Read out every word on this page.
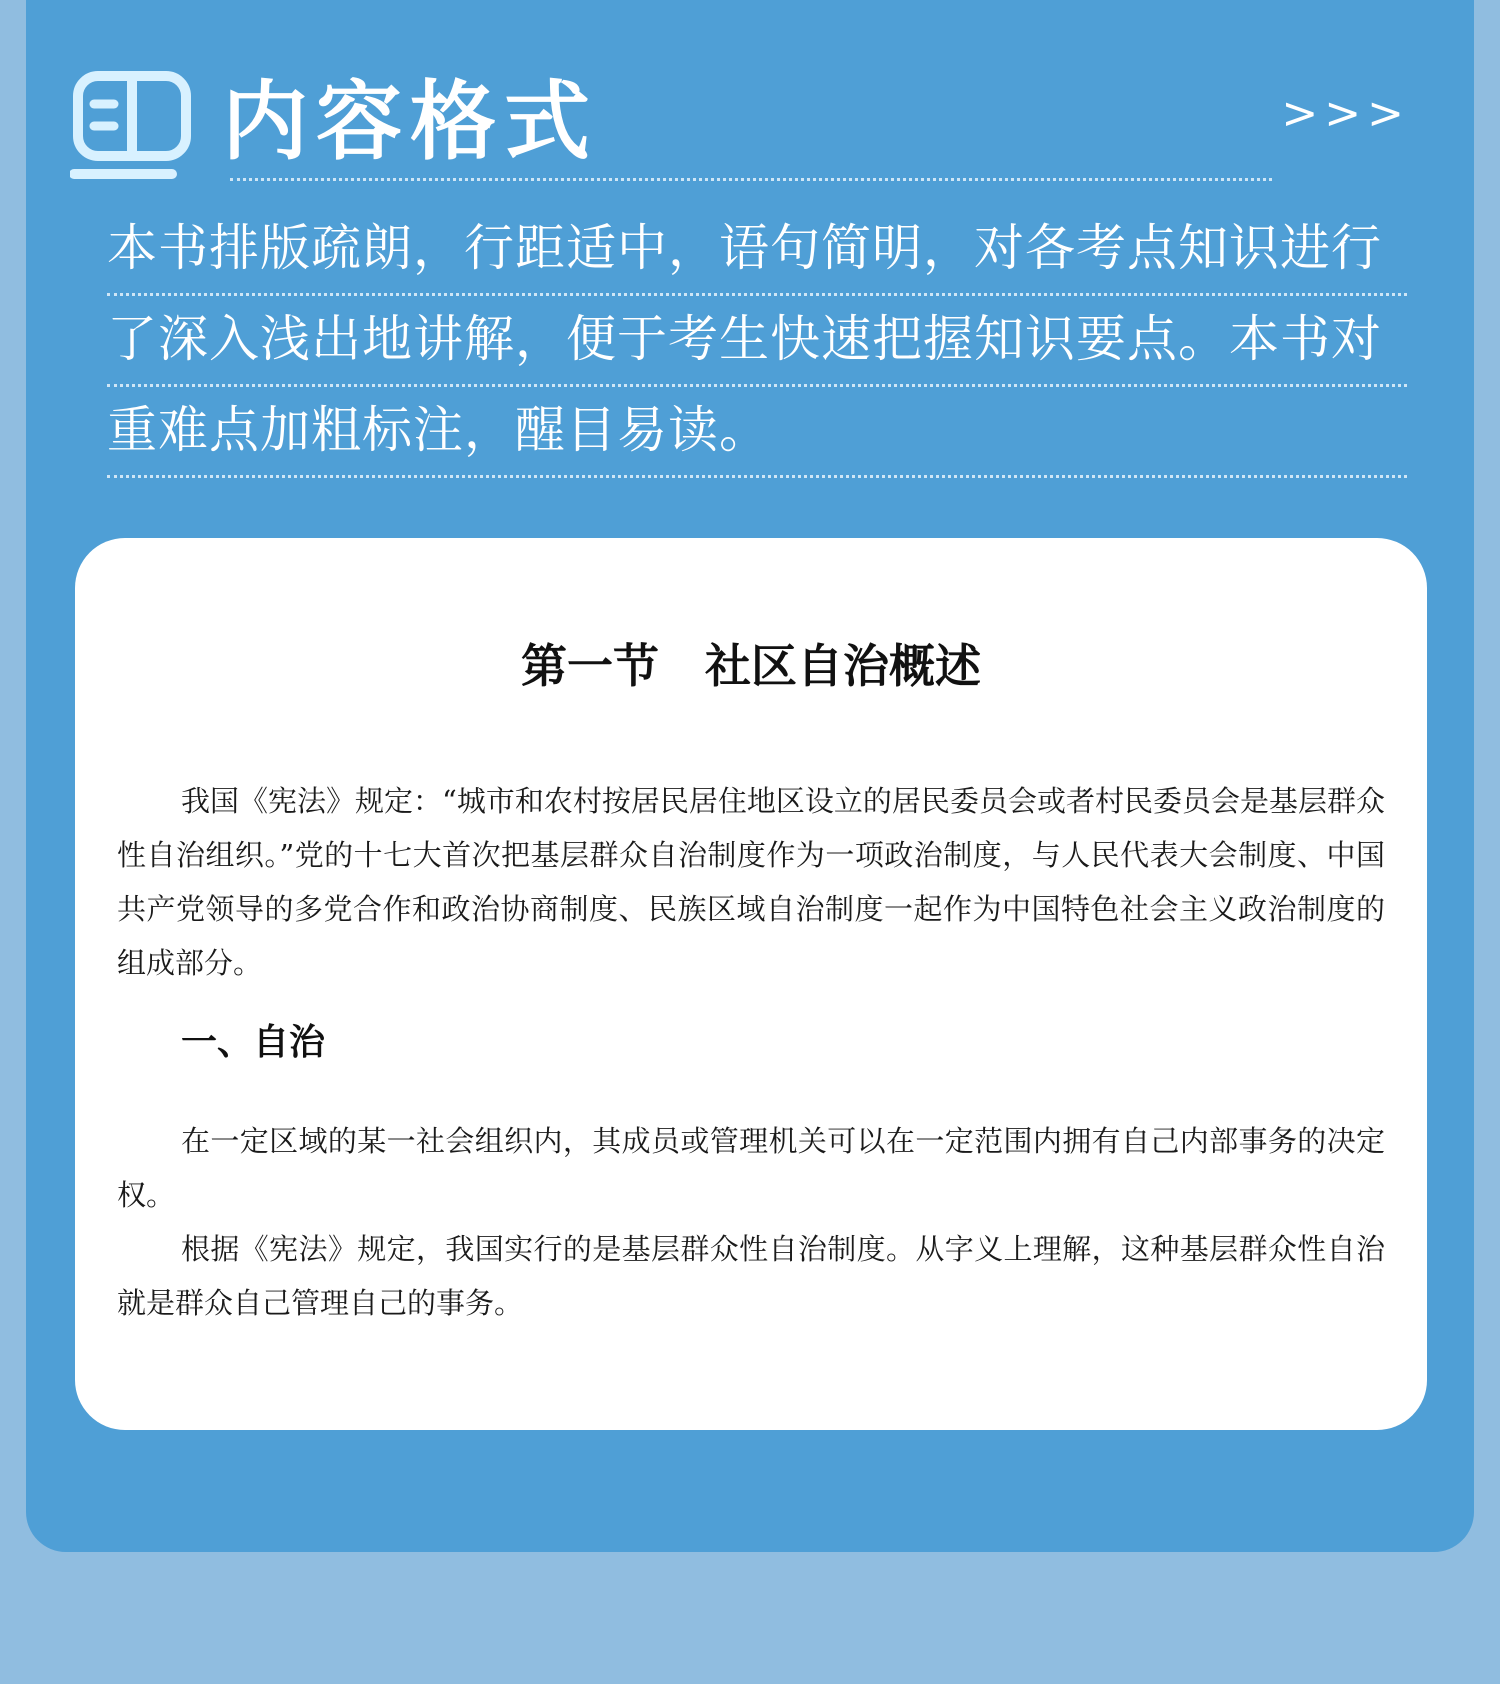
内容格式	>>>
本书排版疏朗，行距适中，语句简明，对各考点知识进行
了深入浅出地讲解，便于考生快速把握知识要点。本书对
重难点加粗标注，醒目易读。
第一节　社区自治概述

我国《宪法》规定：“城市和农村按居民居住地区设立的居民委员会或者村民委员会是基层群众性自治组织。”党的十七大首次把基层群众自治制度作为一项政治制度，与人民代表大会制度、中国共产党领导的多党合作和政治协商制度、民族区域自治制度一起作为中国特色社会主义政治制度的组成部分。

一、自治

在一定区域的某一社会组织内，其成员或管理机关可以在一定范围内拥有自己内部事务的决定权。

根据《宪法》规定，我国实行的是基层群众性自治制度。从字义上理解，这种基层群众性自治就是群众自己管理自己的事务。
